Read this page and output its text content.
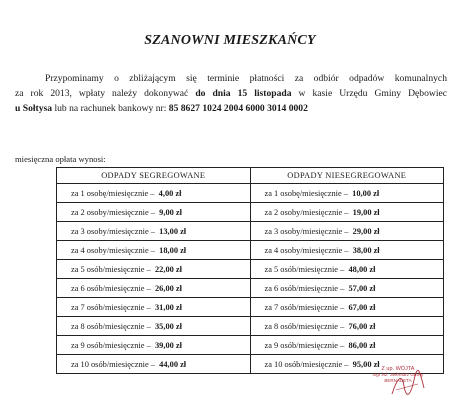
SZANOWNI MIESZKAŃCY
Przypominamy o zbliżającym się terminie płatności za odbiór odpadów komunalnych
za rok 2013, wpłaty należy dokonywać do dnia 15 listopada w kasie Urzędu Gminy Dębowiec
u Sołtysa lub na rachunek bankowy nr: 85 8627 1024 2004 6000 3014 0002
miesięczna opłata wynosi:
ODPADY SEGREGOWANE	ODPADY NIESEGREGOWANE
za 1 osobę/miesięcznie – 4,00 zł	za 1 osobę/miesięcznie – 10,00 zł
za 2 osoby/miesięcznie – 9,00 zł	za 2 osoby/miesięcznie – 19,00 zł
za 3 osoby/miesięcznie – 13,00 zł	za 3 osoby/miesięcznie – 29,00 zł
za 4 osoby/miesięcznie – 18,00 zł	za 4 osoby/miesięcznie – 38,00 zł
za 5 osób/miesięcznie – 22,00 zł	za 5 osób/miesięcznie – 48,00 zł
za 6 osób/miesięcznie – 26,00 zł	za 6 osób/miesięcznie – 57,00 zł
za 7 osób/miesięcznie – 31,00 zł	za 7 osób/miesięcznie – 67,00 zł
za 8 osób/miesięcznie – 35,00 zł	za 8 osób/miesięcznie – 76,00 zł
za 9 osób/miesięcznie – 39,00 zł	za 9 osób/miesięcznie – 86,00 zł
za 10 osób/miesięcznie – 44,00 zł	za 10 osób/miesięcznie – 95,00 zł
Z up. WÓJTA
mgr inż. Sekretarz Gminy
BERNADETA
